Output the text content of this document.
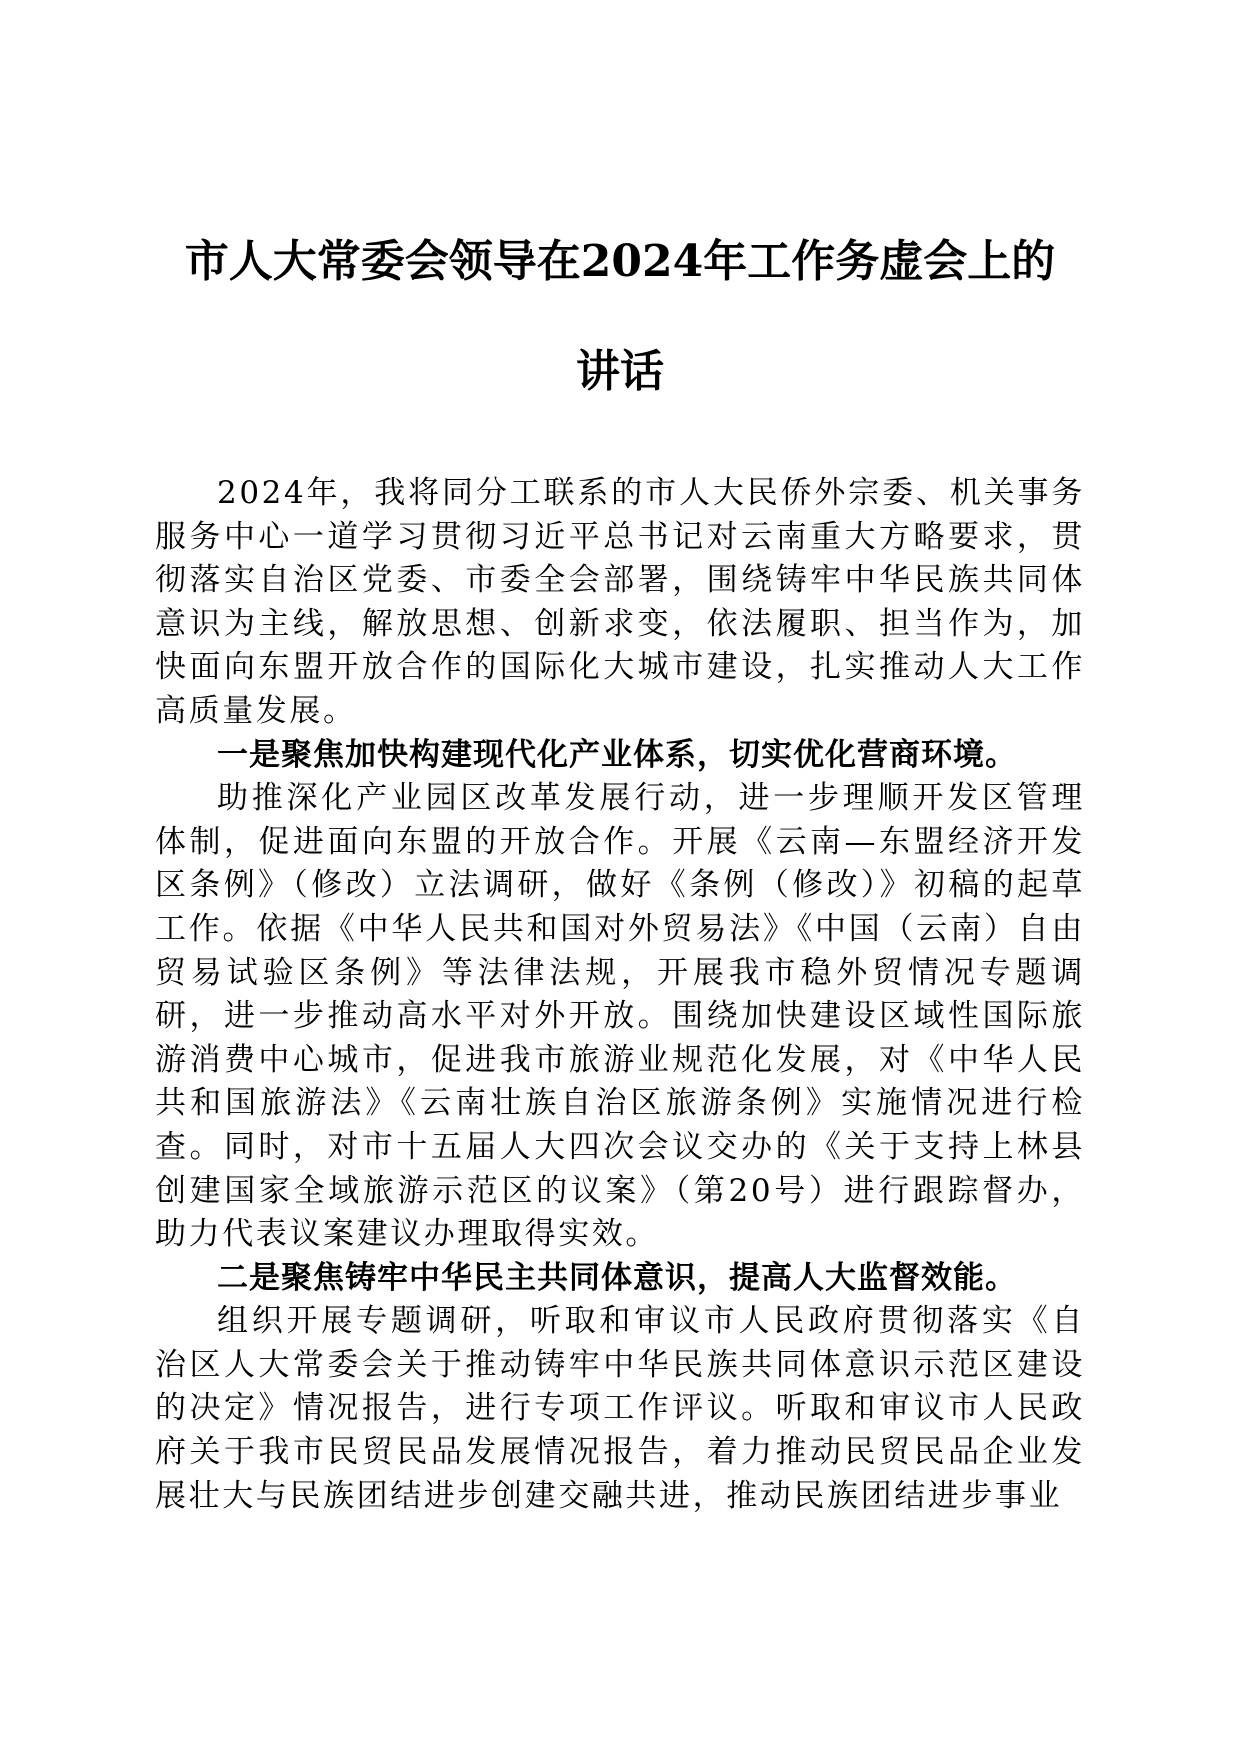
市人大常委会领导在2024年工作务虚会上的
讲话

2024年，我将同分工联系的市人大民侨外宗委、机关事务服务中心一道学习贯彻习近平总书记对云南重大方略要求，贯彻落实自治区党委、市委全会部署，围绕铸牢中华民族共同体意识为主线，解放思想、创新求变，依法履职、担当作为，加快面向东盟开放合作的国际化大城市建设，扎实推动人大工作高质量发展。

一是聚焦加快构建现代化产业体系，切实优化营商环境。

助推深化产业园区改革发展行动，进一步理顺开发区管理体制，促进面向东盟的开放合作。开展《云南—东盟经济开发区条例》（修改）立法调研，做好《条例（修改）》初稿的起草工作。依据《中华人民共和国对外贸易法》《中国（云南）自由贸易试验区条例》等法律法规，开展我市稳外贸情况专题调研，进一步推动高水平对外开放。围绕加快建设区域性国际旅游消费中心城市，促进我市旅游业规范化发展，对《中华人民共和国旅游法》《云南壮族自治区旅游条例》实施情况进行检查。同时，对市十五届人大四次会议交办的《关于支持上林县创建国家全域旅游示范区的议案》（第20号）进行跟踪督办，助力代表议案建议办理取得实效。

二是聚焦铸牢中华民主共同体意识，提高人大监督效能。

组织开展专题调研，听取和审议市人民政府贯彻落实《自治区人大常委会关于推动铸牢中华民族共同体意识示范区建设的决定》情况报告，进行专项工作评议。听取和审议市人民政府关于我市民贸民品发展情况报告，着力推动民贸民品企业发展壮大与民族团结进步创建交融共进，推动民族团结进步事业
